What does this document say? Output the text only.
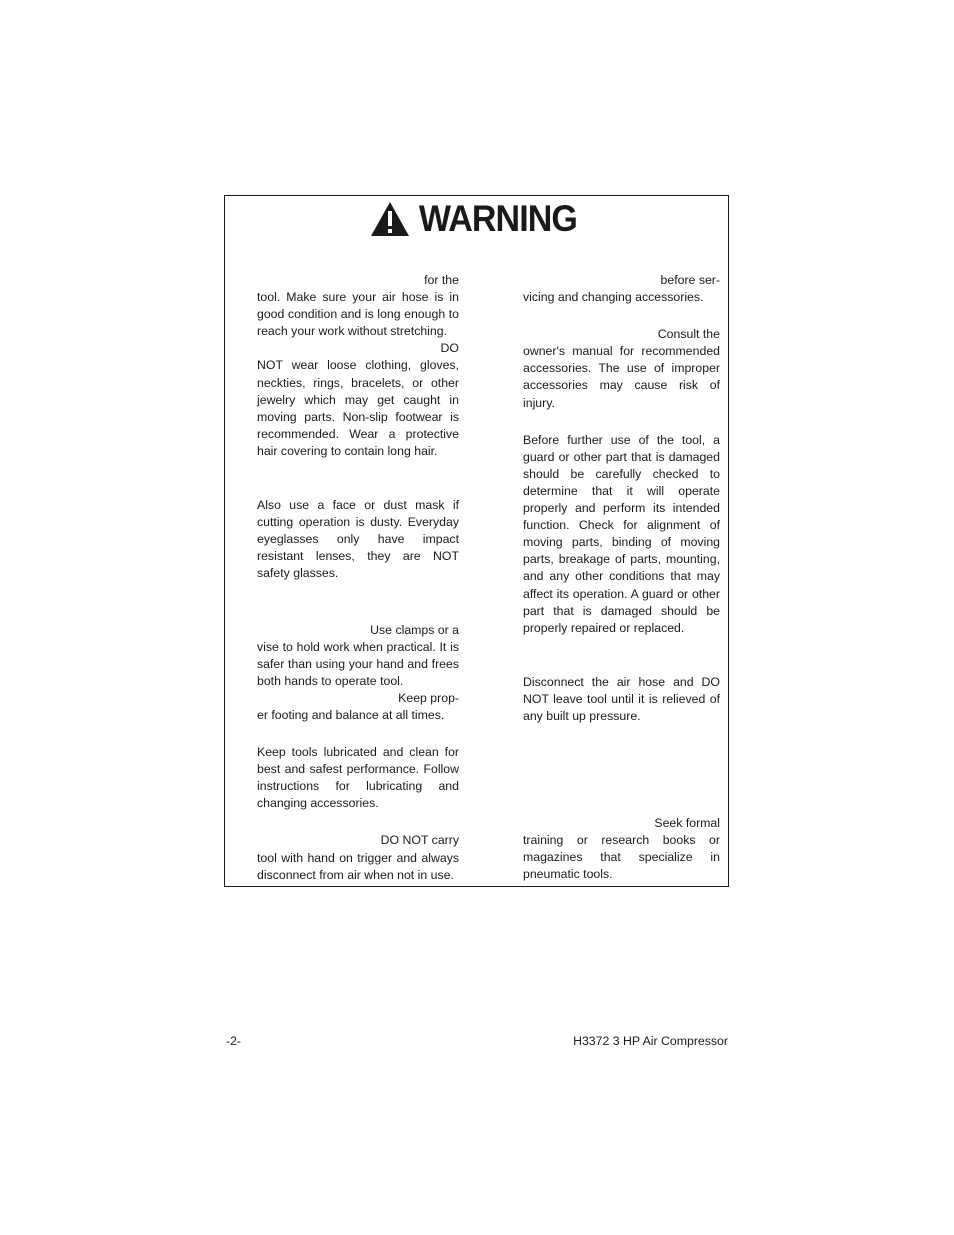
WARNING

for the

tool. Make sure your air hose is in good condition and is long enough to reach your work without stretching.

DO

NOT wear loose clothing, gloves, neckties, rings, bracelets, or other jewelry which may get caught in moving parts. Non-slip footwear is recommended. Wear a protective hair covering to contain long hair.

Also use a face or dust mask if cutting operation is dusty. Everyday eyeglasses only have impact resistant lenses, they are NOT safety glasses.

Use clamps or a

vise to hold work when practical. It is safer than using your hand and frees both hands to operate tool.

Keep prop-

er footing and balance at all times.

Keep tools lubricated and clean for best and safest performance. Follow instructions for lubricating and changing accessories.

DO NOT carry

tool with hand on trigger and always disconnect from air when not in use.

before ser-

vicing and changing accessories.

Consult the

owner's manual for recommended accessories. The use of improper accessories may cause risk of injury.

Before further use of the tool, a guard or other part that is damaged should be carefully checked to determine that it will operate properly and perform its intended function. Check for alignment of moving parts, binding of moving parts, breakage of parts, mounting, and any other conditions that may affect its operation. A guard or other part that is damaged should be properly repaired or replaced.

Disconnect the air hose and DO NOT leave tool until it is relieved of any built up pressure.

Seek formal

training or research books or magazines that specialize in pneumatic tools.

-2-	H3372 3 HP Air Compressor
